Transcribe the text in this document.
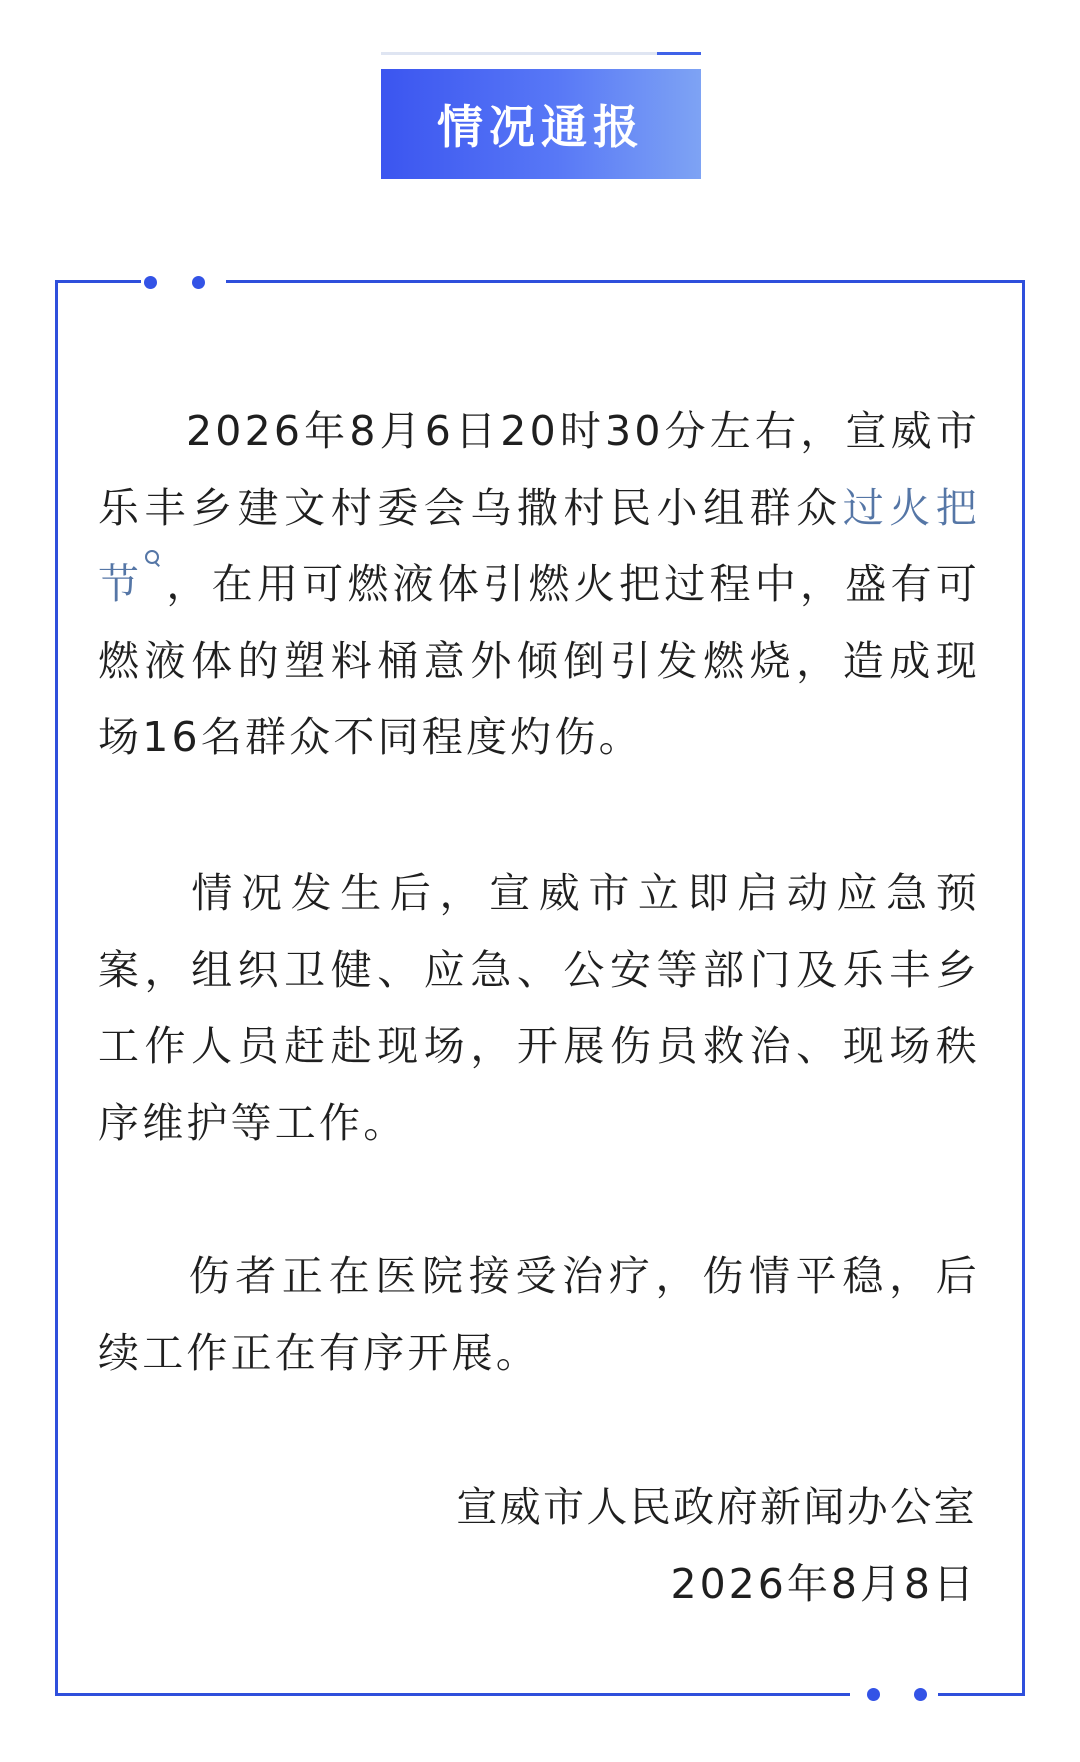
情况通报

2026年8月6日20时30分左右，宣威市乐丰乡建文村委会乌撒村民小组群众过火把节 ，在用可燃液体引燃火把过程中，盛有可燃液体的塑料桶意外倾倒引发燃烧，造成现场16名群众不同程度灼伤。

情况发生后，宣威市立即启动应急预案，组织卫健、应急、公安等部门及乐丰乡工作人员赶赴现场，开展伤员救治、现场秩序维护等工作。

伤者正在医院接受治疗，伤情平稳，后续工作正在有序开展。

宣威市人民政府新闻办公室
2026年8月8日
